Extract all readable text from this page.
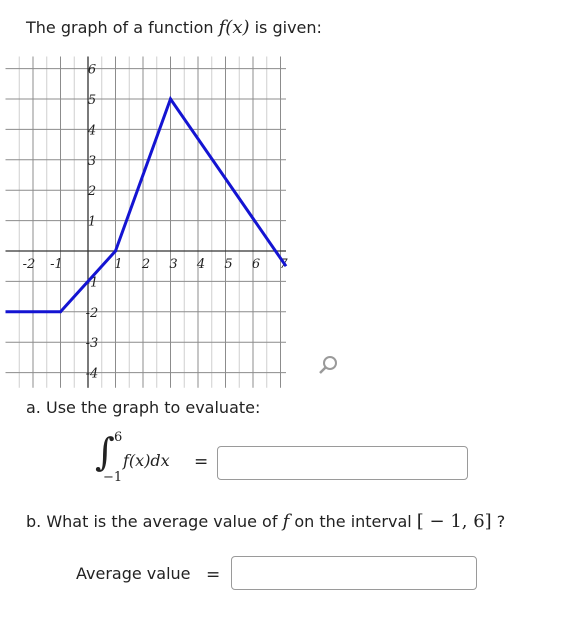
The graph of a function f(x) is given:
-2 -1	1 2 3 4 5 6 7
6
5
4
3
2
1
-1
-2
-3
-4
a. Use the graph to evaluate:
∫ 6
−1
f(x)dx =
b. What is the average value of f on the interval [ − 1, 6] ?
Average value =
